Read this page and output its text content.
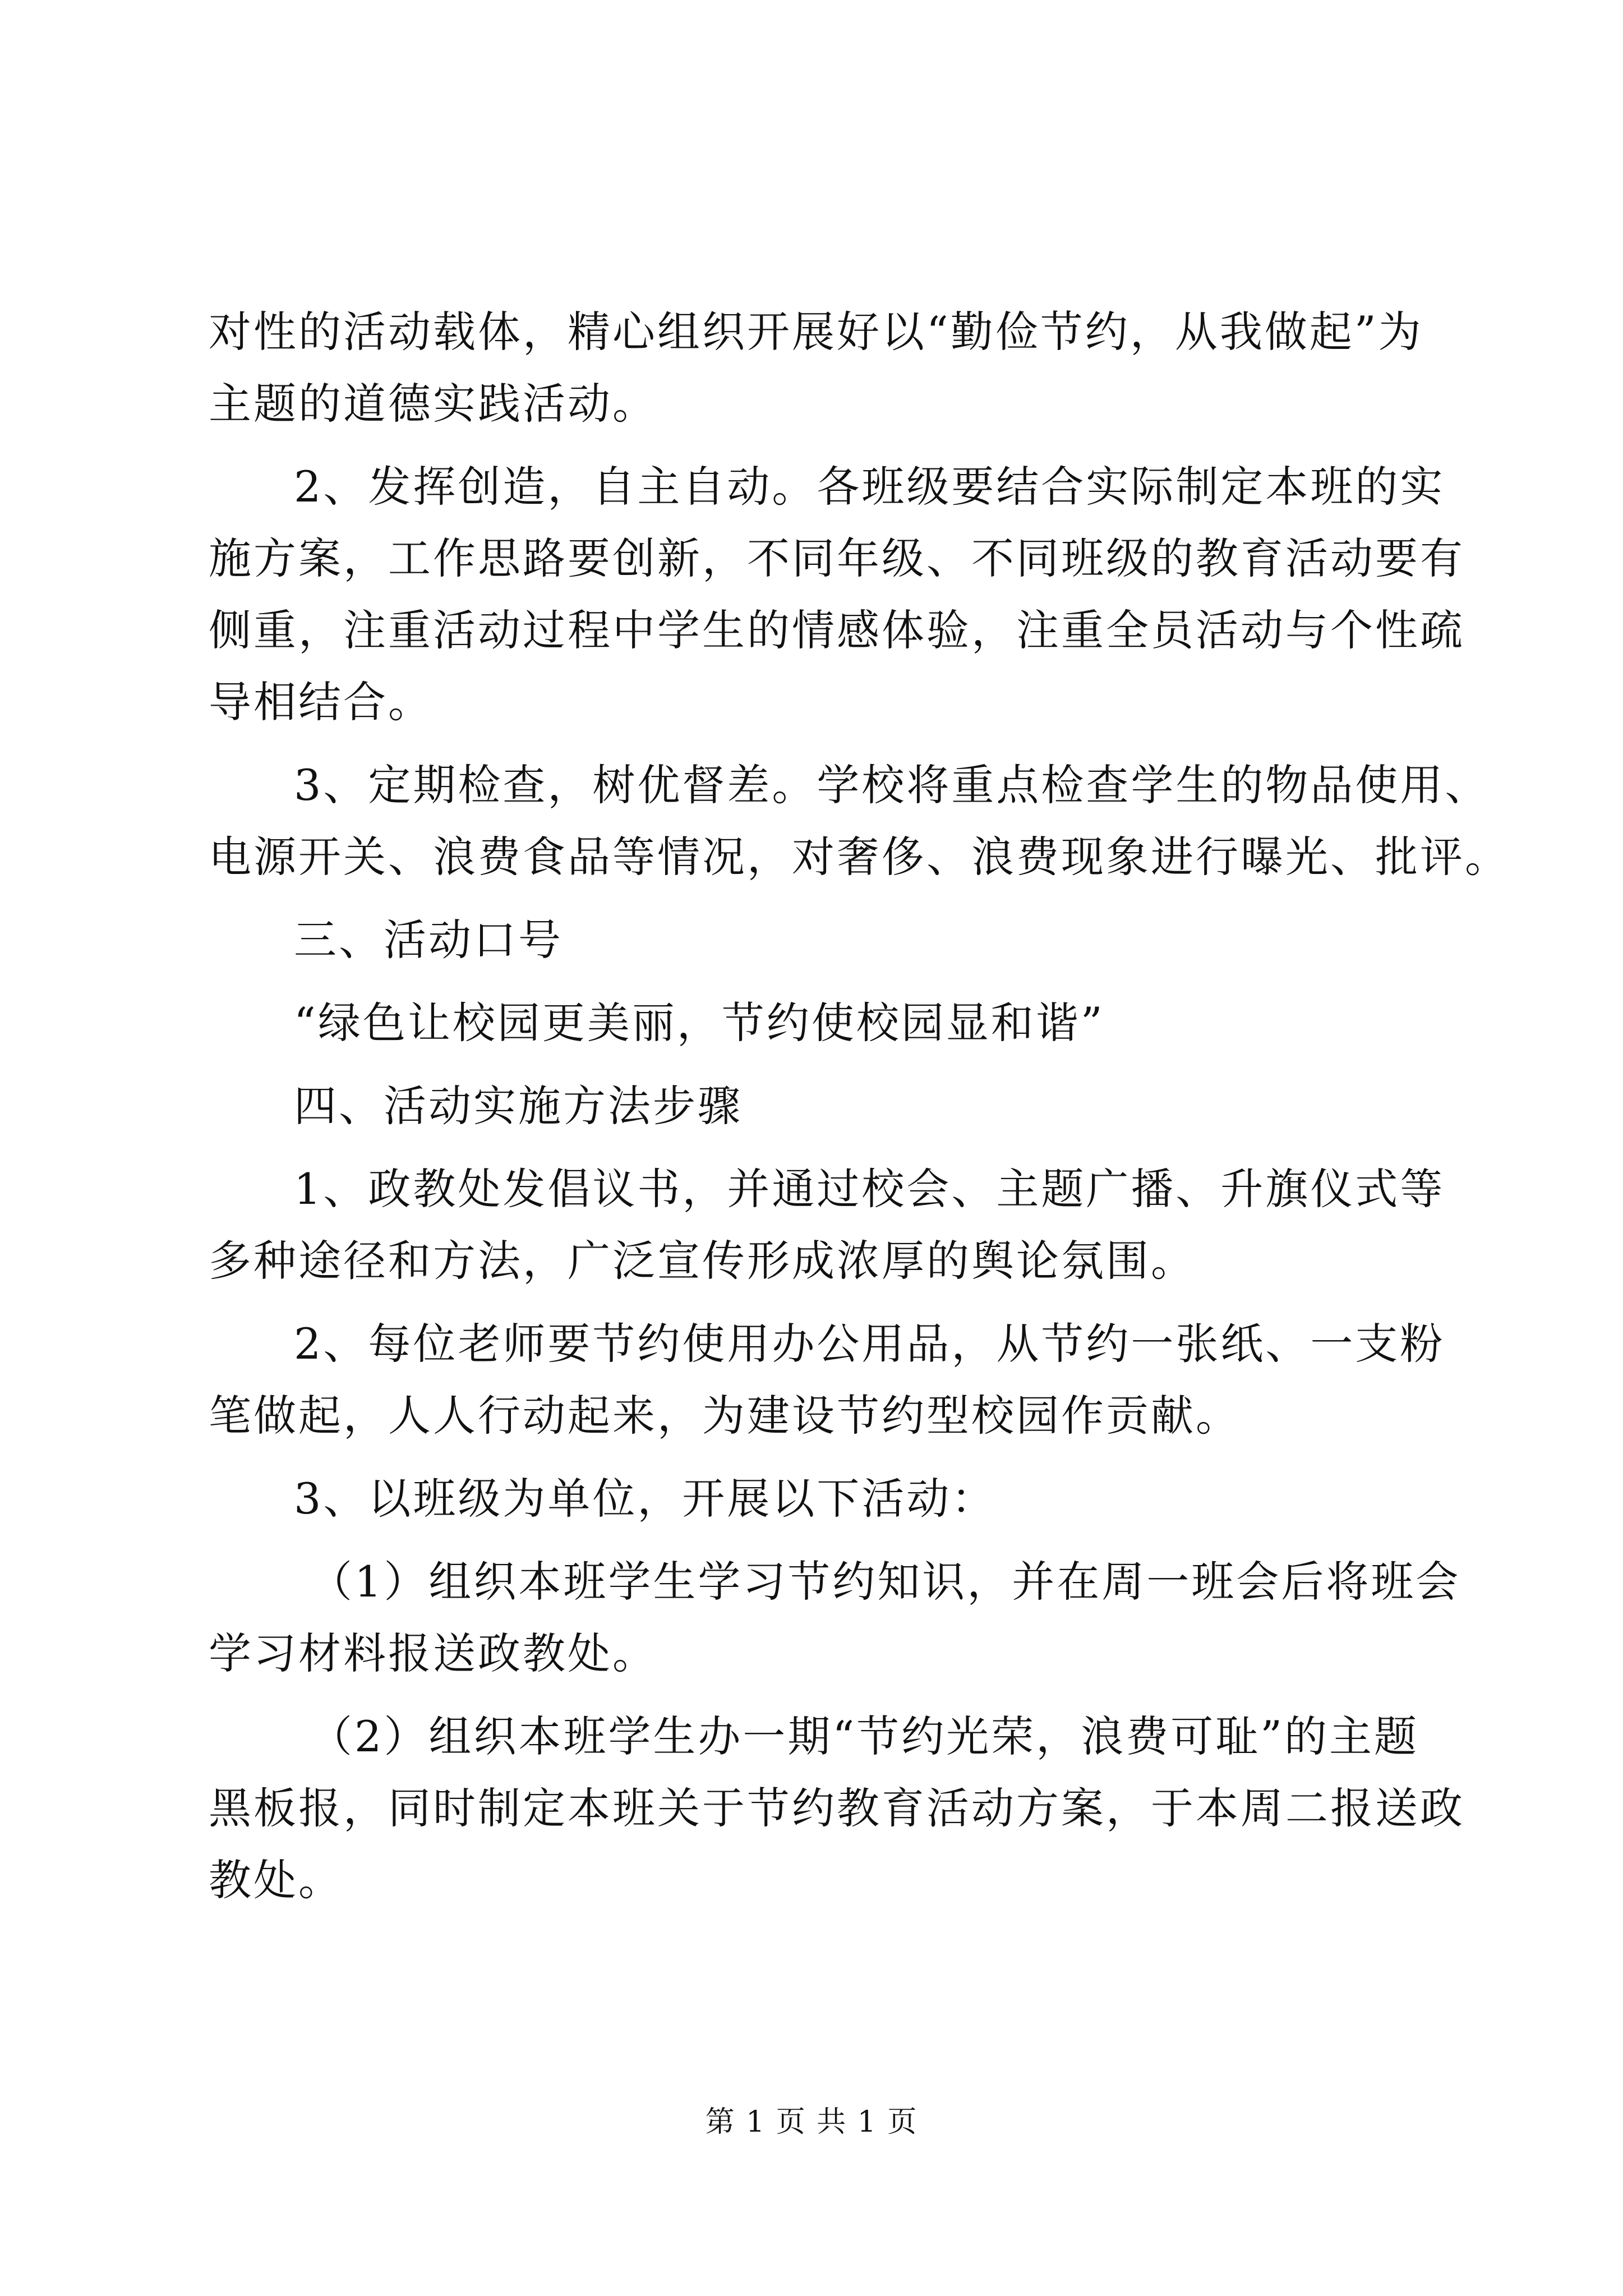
对性的活动载体，精心组织开展好以“勤俭节约，从我做起”为

主题的道德实践活动。

2、发挥创造，自主自动。各班级要结合实际制定本班的实

施方案，工作思路要创新，不同年级、不同班级的教育活动要有

侧重，注重活动过程中学生的情感体验，注重全员活动与个性疏

导相结合。

3、定期检查，树优督差。学校将重点检查学生的物品使用、

电源开关、浪费食品等情况，对奢侈、浪费现象进行曝光、批评。

三、活动口号

“绿色让校园更美丽，节约使校园显和谐”

四、活动实施方法步骤

1、政教处发倡议书，并通过校会、主题广播、升旗仪式等

多种途径和方法，广泛宣传形成浓厚的舆论氛围。

2、每位老师要节约使用办公用品，从节约一张纸、一支粉

笔做起，人人行动起来，为建设节约型校园作贡献。

3、以班级为单位，开展以下活动：

（1）组织本班学生学习节约知识，并在周一班会后将班会

学习材料报送政教处。

（2）组织本班学生办一期“节约光荣，浪费可耻”的主题

黑板报，同时制定本班关于节约教育活动方案，于本周二报送政

教处。

第 1 页 共 1 页
